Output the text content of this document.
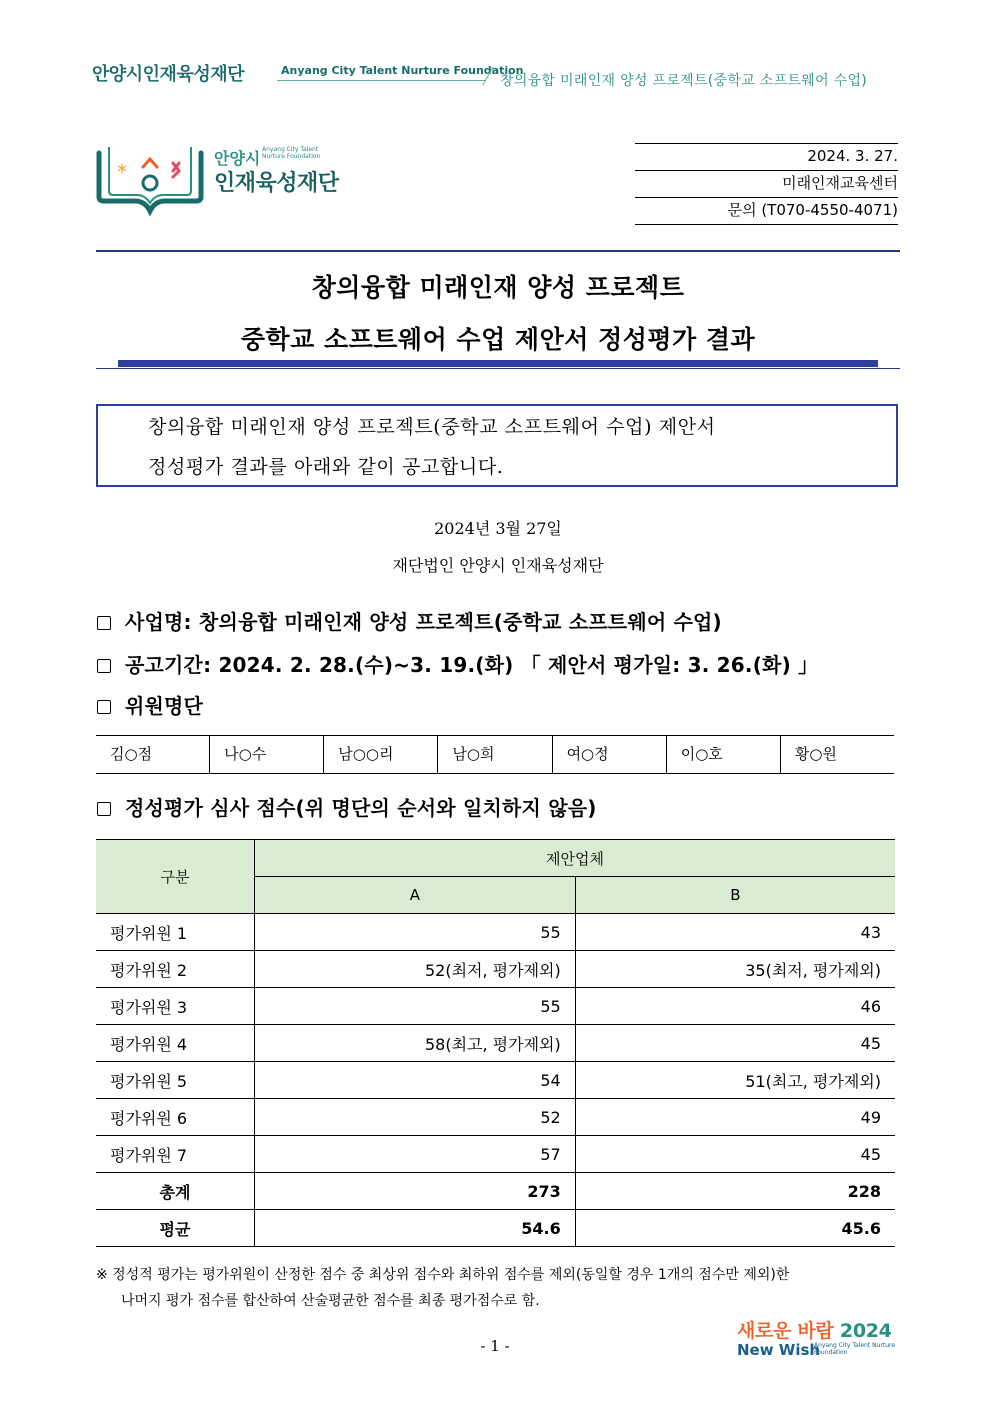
안양시인재육성재단	Anyang City Talent Nurture Foundation
창의융합 미래인재 양성 프로젝트(중학교 소프트웨어 수업)
*
안양시 Anyang City Talent Nurture Foundation
인재육성재단
2024. 3. 27.
미래인재교육센터
문의 (T070-4550-4071)
창의융합 미래인재 양성 프로젝트
중학교 소프트웨어 수업 제안서 정성평가 결과
창의융합 미래인재 양성 프로젝트(중학교 소프트웨어 수업) 제안서
정성평가 결과를 아래와 같이 공고합니다.
2024년 3월 27일
재단법인 안양시 인재육성재단
사업명: 창의융합 미래인재 양성 프로젝트(중학교 소프트웨어 수업)
공고기간: 2024. 2. 28.(수)~3. 19.(화) 「 제안서 평가일: 3. 26.(화) 」
위원명단
김○점	나○수	남○○리	남○희	여○정	이○호	황○원
정성평가 심사 점수(위 명단의 순서와 일치하지 않음)
구분	제안업체	
	A	B
평가위원 1	55	43
평가위원 2	52(최저, 평가제외)	35(최저, 평가제외)
평가위원 3	55	46
평가위원 4	58(최고, 평가제외)	45
평가위원 5	54	51(최고, 평가제외)
평가위원 6	52	49
평가위원 7	57	45
총계	273	228
평균	54.6	45.6
※ 정성적 평가는 평가위원이 산정한 점수 중 최상위 점수와 최하위 점수를 제외(동일할 경우 1개의 점수만 제외)한
나머지 평가 점수를 합산하여 산술평균한 점수를 최종 평가점수로 함.
- 1 -
새로운 바람 2024
New Wish
Anyang City Talent Nurture Foundation
